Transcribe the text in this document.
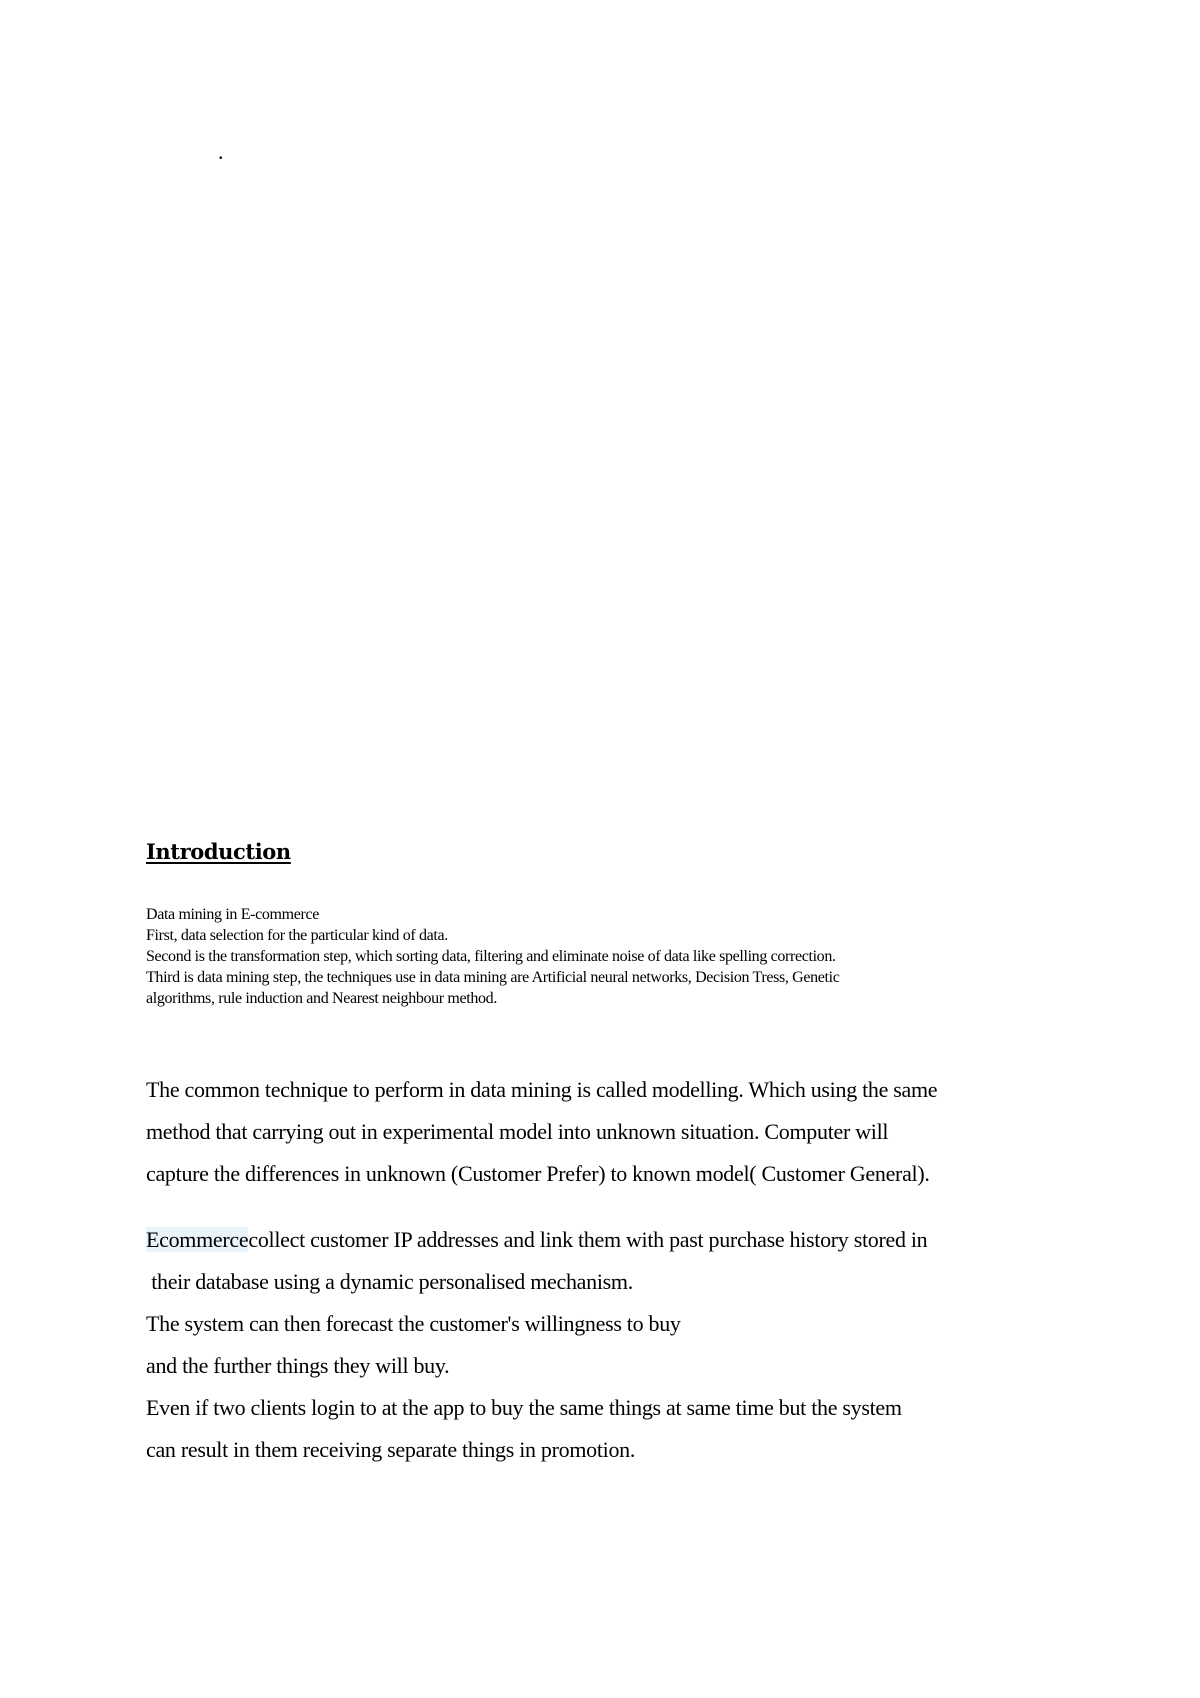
.
Introduction
Data mining in E-commerce
First, data selection for the particular kind of data.
Second is the transformation step, which sorting data, filtering and eliminate noise of data like spelling correction.
Third is data mining step, the techniques use in data mining are Artificial neural networks, Decision Tress, Genetic
algorithms, rule induction and Nearest neighbour method.
The common technique to perform in data mining is called modelling. Which using the same
method that carrying out in experimental model into unknown situation. Computer will
capture the differences in unknown (Customer Prefer) to known model( Customer General).
Ecommercecollect customer IP addresses and link them with past purchase history stored in
their database using a dynamic personalised mechanism.
The system can then forecast the customer's willingness to buy
and the further things they will buy.
Even if two clients login to at the app to buy the same things at same time but the system
can result in them receiving separate things in promotion.
